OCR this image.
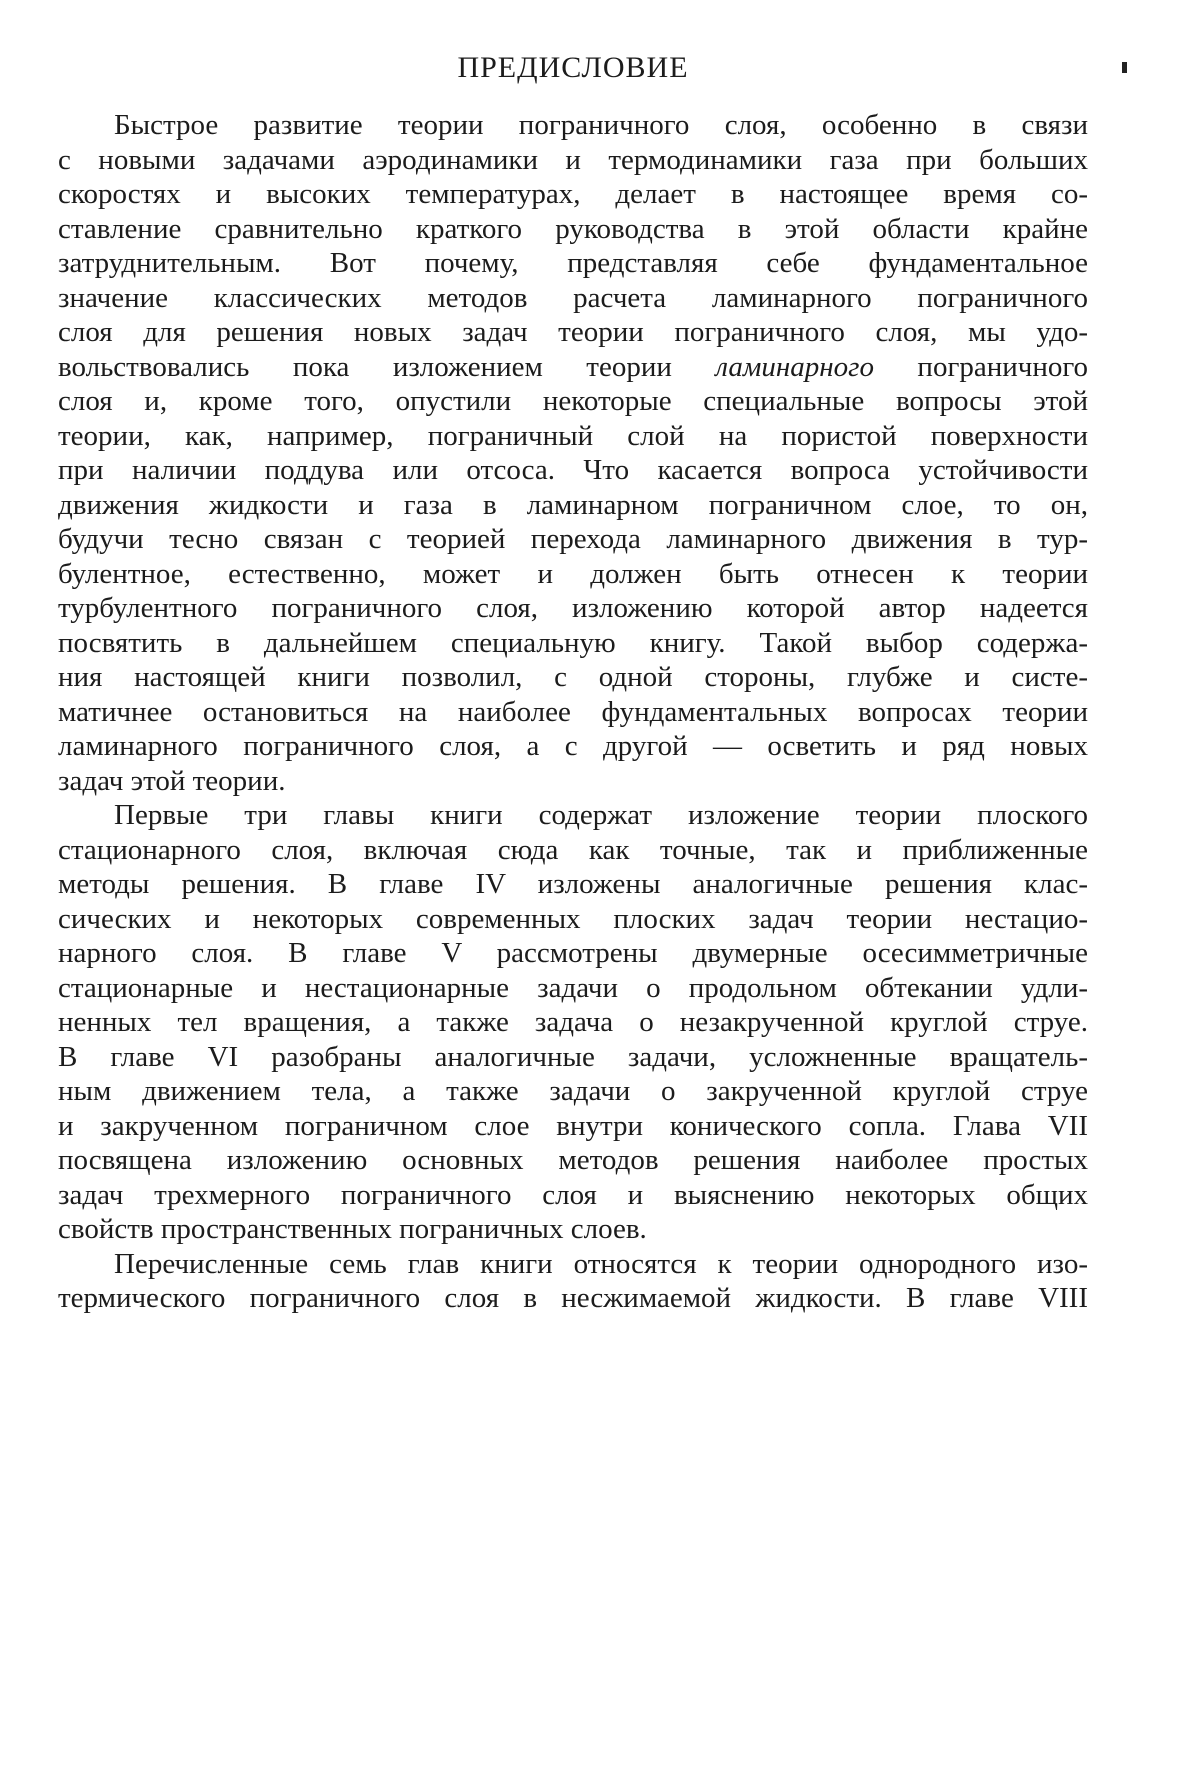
ПРЕДИСЛОВИЕ
Быстрое развитие теории пограничного слоя, особенно в связи
с новыми задачами аэродинамики и термодинамики газа при больших
скоростях и высоких температурах, делает в настоящее время со-
ставление сравнительно краткого руководства в этой области крайне
затруднительным. Вот почему, представляя себе фундаментальное
значение классических методов расчета ламинарного пограничного
слоя для решения новых задач теории пограничного слоя, мы удо-
вольствовались пока изложением теории ламинарного пограничного
слоя и, кроме того, опустили некоторые специальные вопросы этой
теории, как, например, пограничный слой на пористой поверхности
при наличии поддува или отсоса. Что касается вопроса устойчивости
движения жидкости и газа в ламинарном пограничном слое, то он,
будучи тесно связан с теорией перехода ламинарного движения в тур-
булентное, естественно, может и должен быть отнесен к теории
турбулентного пограничного слоя, изложению которой автор надеется
посвятить в дальнейшем специальную книгу. Такой выбор содержа-
ния настоящей книги позволил, с одной стороны, глубже и систе-
матичнее остановиться на наиболее фундаментальных вопросах теории
ламинарного пограничного слоя, а с другой — осветить и ряд новых
задач этой теории.
Первые три главы книги содержат изложение теории плоского
стационарного слоя, включая сюда как точные, так и приближенные
методы решения. В главе IV изложены аналогичные решения клас-
сических и некоторых современных плоских задач теории нестацио-
нарного слоя. В главе V рассмотрены двумерные осесимметричные
стационарные и нестационарные задачи о продольном обтекании удли-
ненных тел вращения, а также задача о незакрученной круглой струе.
В главе VI разобраны аналогичные задачи, усложненные вращатель-
ным движением тела, а также задачи о закрученной круглой струе
и закрученном пограничном слое внутри конического сопла. Глава VII
посвящена изложению основных методов решения наиболее простых
задач трехмерного пограничного слоя и выяснению некоторых общих
свойств пространственных пограничных слоев.
Перечисленные семь глав книги относятся к теории однородного изо-
термического пограничного слоя в несжимаемой жидкости. В главе VIII
